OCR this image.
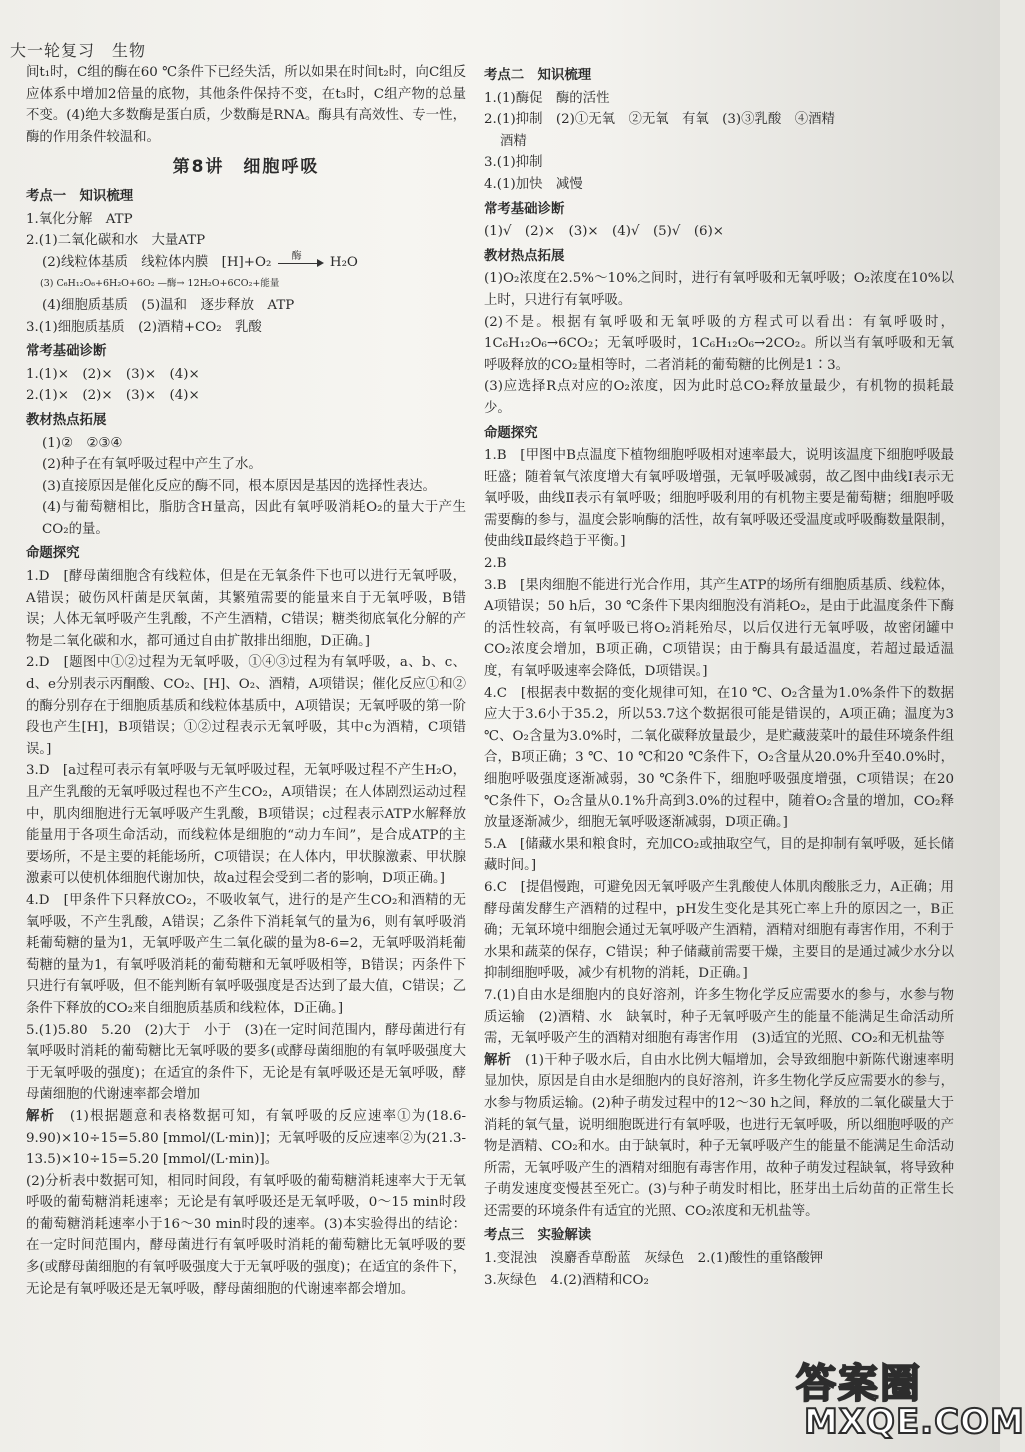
大一轮复习　生物

间t₁时，C组的酶在60 ℃条件下已经失活，所以如果在时间t₂时，向C组反应体系中增加2倍量的底物，其他条件保持不变，在t₃时，C组产物的总量不变。(4)绝大多数酶是蛋白质，少数酶是RNA。酶具有高效性、专一性，酶的作用条件较温和。

第8讲　细胞呼吸
考点一　知识梳理

1.氧化分解　ATP

2.(1)二氧化碳和水　大量ATP

(2)线粒体基质　线粒体内膜　[H]+O₂ 酶 H₂O

(3) C₆H₁₂O₆+6H₂O+6O₂ —酶→ 12H₂O+6CO₂+能量

(4)细胞质基质　(5)温和　逐步释放　ATP

3.(1)细胞质基质　(2)酒精+CO₂　乳酸

常考基础诊断

1.(1)×　(2)×　(3)×　(4)×

2.(1)×　(2)×　(3)×　(4)×

教材热点拓展

(1)②　②③④

(2)种子在有氧呼吸过程中产生了水。

(3)直接原因是催化反应的酶不同，根本原因是基因的选择性表达。

(4)与葡萄糖相比，脂肪含H量高，因此有氧呼吸消耗O₂的量大于产生CO₂的量。

命题探究

1.D　[酵母菌细胞含有线粒体，但是在无氧条件下也可以进行无氧呼吸，A错误；破伤风杆菌是厌氧菌，其繁殖需要的能量来自于无氧呼吸，B错误；人体无氧呼吸产生乳酸，不产生酒精，C错误；糖类彻底氧化分解的产物是二氧化碳和水，都可通过自由扩散排出细胞，D正确。]

2.D　[题图中①②过程为无氧呼吸，①④③过程为有氧呼吸，a、b、c、d、e分别表示丙酮酸、CO₂、[H]、O₂、酒精，A项错误；催化反应①和②的酶分别存在于细胞质基质和线粒体基质中，A项错误；无氧呼吸的第一阶段也产生[H]，B项错误；①②过程表示无氧呼吸，其中c为酒精，C项错误。]

3.D　[a过程可表示有氧呼吸与无氧呼吸过程，无氧呼吸过程不产生H₂O，且产生乳酸的无氧呼吸过程也不产生CO₂，A项错误；在人体剧烈运动过程中，肌肉细胞进行无氧呼吸产生乳酸，B项错误；c过程表示ATP水解释放能量用于各项生命活动，而线粒体是细胞的“动力车间”，是合成ATP的主要场所，不是主要的耗能场所，C项错误；在人体内，甲状腺激素、甲状腺激素可以使机体细胞代谢加快，故a过程会受到二者的影响，D项正确。]

4.D　[甲条件下只释放CO₂，不吸收氧气，进行的是产生CO₂和酒精的无氧呼吸，不产生乳酸，A错误；乙条件下消耗氧气的量为6，则有氧呼吸消耗葡萄糖的量为1，无氧呼吸产生二氧化碳的量为8-6=2，无氧呼吸消耗葡萄糖的量为1，有氧呼吸消耗的葡萄糖和无氧呼吸相等，B错误；丙条件下只进行有氧呼吸，但不能判断有氧呼吸强度是否达到了最大值，C错误；乙条件下释放的CO₂来自细胞质基质和线粒体，D正确。]

5.(1)5.80　5.20　(2)大于　小于　(3)在一定时间范围内，酵母菌进行有氧呼吸时消耗的葡萄糖比无氧呼吸的要多(或酵母菌细胞的有氧呼吸强度大于无氧呼吸的强度)；在适宜的条件下，无论是有氧呼吸还是无氧呼吸，酵母菌细胞的代谢速率都会增加

解析　 (1)根据题意和表格数据可知，有氧呼吸的反应速率①为(18.6-9.90)×10÷15=5.80 [mmol/(L·min)]；无氧呼吸的反应速率②为(21.3-13.5)×10÷15=5.20 [mmol/(L·min)]。

(2)分析表中数据可知，相同时间段，有氧呼吸的葡萄糖消耗速率大于无氧呼吸的葡萄糖消耗速率；无论是有氧呼吸还是无氧呼吸，0～15 min时段的葡萄糖消耗速率小于16～30 min时段的速率。(3)本实验得出的结论：在一定时间范围内，酵母菌进行有氧呼吸时消耗的葡萄糖比无氧呼吸的要多(或酵母菌细胞的有氧呼吸强度大于无氧呼吸的强度)；在适宜的条件下，无论是有氧呼吸还是无氧呼吸，酵母菌细胞的代谢速率都会增加。

考点二　知识梳理

1.(1)酶促　酶的活性

2.(1)抑制　(2)①无氧　②无氧　有氧　(3)③乳酸　④酒精

酒精

3.(1)抑制

4.(1)加快　减慢

常考基础诊断

(1)√　(2)×　(3)×　(4)√　(5)√　(6)×

教材热点拓展

(1)O₂浓度在2.5%～10%之间时，进行有氧呼吸和无氧呼吸；O₂浓度在10%以上时，只进行有氧呼吸。

(2)不是。根据有氧呼吸和无氧呼吸的方程式可以看出：有氧呼吸时，1C₆H₁₂O₆→6CO₂；无氧呼吸时，1C₆H₁₂O₆→2CO₂。所以当有氧呼吸和无氧呼吸释放的CO₂量相等时，二者消耗的葡萄糖的比例是1∶3。

(3)应选择R点对应的O₂浓度，因为此时总CO₂释放量最少，有机物的损耗最少。

命题探究

1.B　[甲图中B点温度下植物细胞呼吸相对速率最大，说明该温度下细胞呼吸最旺盛；随着氧气浓度增大有氧呼吸增强，无氧呼吸减弱，故乙图中曲线Ⅰ表示无氧呼吸，曲线Ⅱ表示有氧呼吸；细胞呼吸利用的有机物主要是葡萄糖；细胞呼吸需要酶的参与，温度会影响酶的活性，故有氧呼吸还受温度或呼吸酶数量限制，使曲线Ⅱ最终趋于平衡。]

2.B

3.B　[果肉细胞不能进行光合作用，其产生ATP的场所有细胞质基质、线粒体，A项错误；50 h后，30 ℃条件下果肉细胞没有消耗O₂，是由于此温度条件下酶的活性较高，有氧呼吸已将O₂消耗殆尽，以后仅进行无氧呼吸，故密闭罐中CO₂浓度会增加，B项正确，C项错误；由于酶具有最适温度，若超过最适温度，有氧呼吸速率会降低，D项错误。]

4.C　[根据表中数据的变化规律可知，在10 ℃、O₂含量为1.0%条件下的数据应大于3.6小于35.2，所以53.7这个数据很可能是错误的，A项正确；温度为3 ℃、O₂含量为3.0%时，二氧化碳释放量最少，是贮藏菠菜叶的最佳环境条件组合，B项正确；3 ℃、10 ℃和20 ℃条件下，O₂含量从20.0%升至40.0%时，细胞呼吸强度逐渐减弱，30 ℃条件下，细胞呼吸强度增强，C项错误；在20 ℃条件下，O₂含量从0.1%升高到3.0%的过程中，随着O₂含量的增加，CO₂释放量逐渐减少，细胞无氧呼吸逐渐减弱，D项正确。]

5.A　[储藏水果和粮食时，充加CO₂或抽取空气，目的是抑制有氧呼吸，延长储藏时间。]

6.C　[提倡慢跑，可避免因无氧呼吸产生乳酸使人体肌肉酸胀乏力，A正确；用酵母菌发酵生产酒精的过程中，pH发生变化是其死亡率上升的原因之一，B正确；无氧环境中细胞会通过无氧呼吸产生酒精，酒精对细胞有毒害作用，不利于水果和蔬菜的保存，C错误；种子储藏前需要干燥，主要目的是通过减少水分以抑制细胞呼吸，减少有机物的消耗，D正确。]

7.(1)自由水是细胞内的良好溶剂，许多生物化学反应需要水的参与，水参与物质运输　(2)酒精、水　缺氧时，种子无氧呼吸产生的能量不能满足生命活动所需，无氧呼吸产生的酒精对细胞有毒害作用　(3)适宜的光照、CO₂和无机盐等

解析　 (1)干种子吸水后，自由水比例大幅增加，会导致细胞中新陈代谢速率明显加快，原因是自由水是细胞内的良好溶剂，许多生物化学反应需要水的参与，水参与物质运输。(2)种子萌发过程中的12～30 h之间，释放的二氧化碳量大于消耗的氧气量，说明细胞既进行有氧呼吸，也进行无氧呼吸，所以细胞呼吸的产物是酒精、CO₂和水。由于缺氧时，种子无氧呼吸产生的能量不能满足生命活动所需，无氧呼吸产生的酒精对细胞有毒害作用，故种子萌发过程缺氧，将导致种子萌发速度变慢甚至死亡。(3)与种子萌发时相比，胚芽出土后幼苗的正常生长还需要的环境条件有适宜的光照、CO₂浓度和无机盐等。

考点三　实验解读

1.变混浊　溴麝香草酚蓝　灰绿色　2.(1)酸性的重铬酸钾

3.灰绿色　4.(2)酒精和CO₂

答案圈
MXQE.COM
